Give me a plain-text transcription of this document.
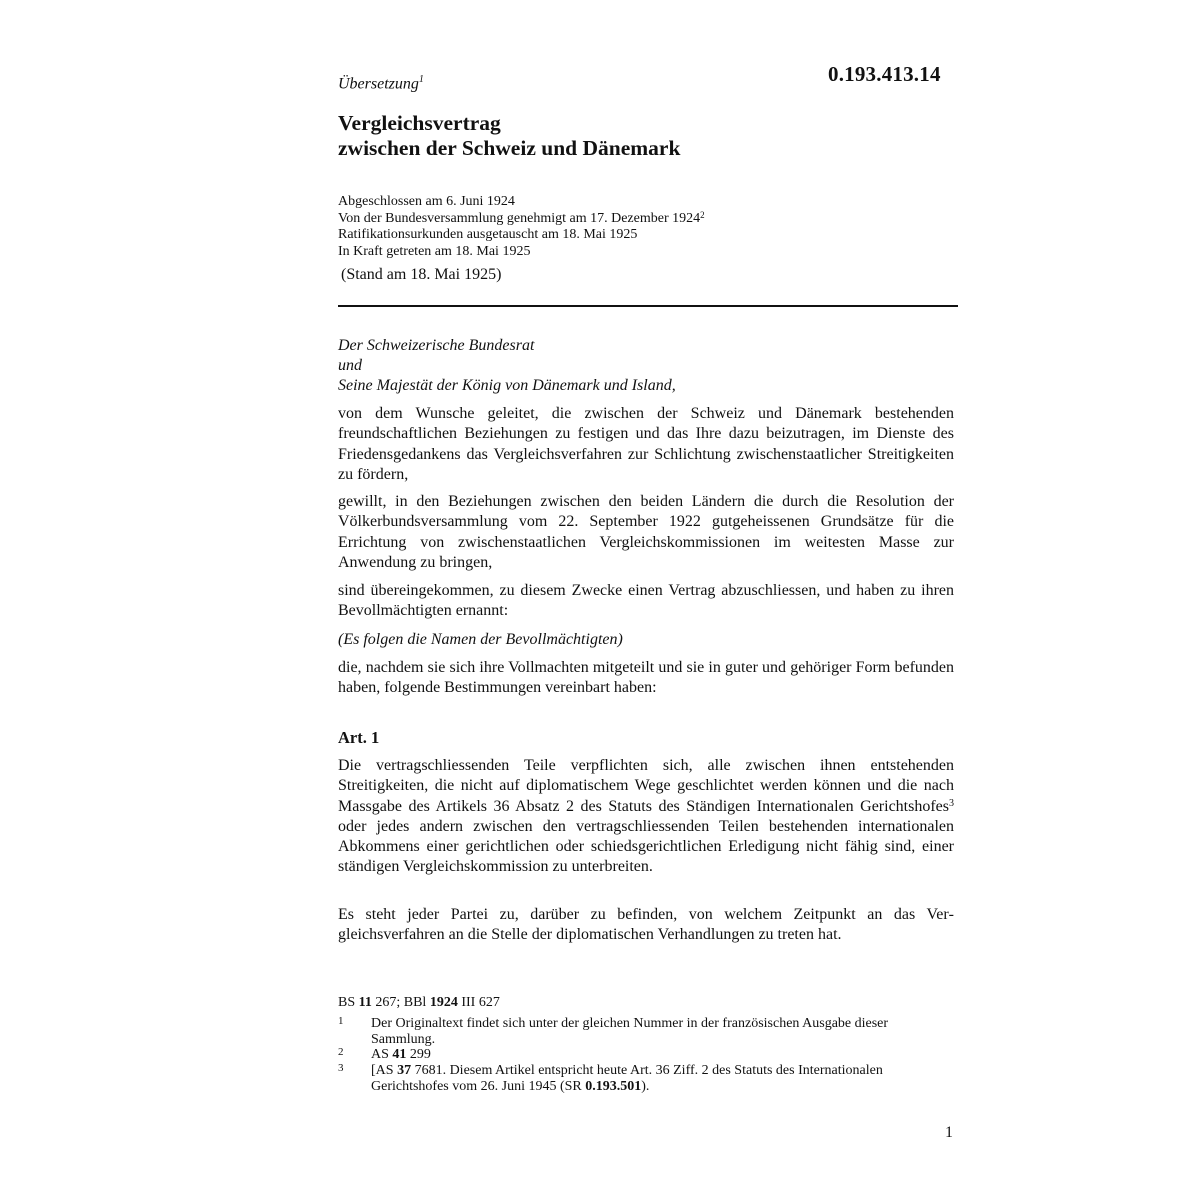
0.193.413.14
Übersetzung$^1$
Vergleichsvertrag
zwischen der Schweiz und Dänemark
Abgeschlossen am 6. Juni 1924
Von der Bundesversammlung genehmigt am 17. Dezember 1924$^2$
Ratifikationsurkunden ausgetauscht am 18. Mai 1925
In Kraft getreten am 18. Mai 1925
(Stand am 18. Mai 1925)
Der Schweizerische Bundesrat
und
Seine Majestät der König von Dänemark und Island,
von dem Wunsche geleitet, die zwischen der Schweiz und Dänemark bestehenden freundschaftlichen Beziehungen zu festigen und das Ihre dazu beizutragen, im Dienste des Friedensgedankens das Vergleichsverfahren zur Schlichtung zwischenstaatlicher Streitigkeiten zu fördern,
gewillt, in den Beziehungen zwischen den beiden Ländern die durch die Resolution der Völkerbundsversammlung vom 22. September 1922 gutgeheissenen Grundsätze für die Errichtung von zwischenstaatlichen Vergleichskommissionen im weitesten Masse zur Anwendung zu bringen,
sind übereingekommen, zu diesem Zwecke einen Vertrag abzuschliessen, und haben zu ihren Bevollmächtigten ernannt:
(Es folgen die Namen der Bevollmächtigten)
die, nachdem sie sich ihre Vollmachten mitgeteilt und sie in guter und gehöriger Form befunden haben, folgende Bestimmungen vereinbart haben:
Art. 1
Die vertragschliessenden Teile verpflichten sich, alle zwischen ihnen entstehenden Streitigkeiten, die nicht auf diplomatischem Wege geschlichtet werden können und die nach Massgabe des Artikels 36 Absatz 2 des Statuts des Ständigen Internationalen Gerichtshofes$^3$ oder jedes andern zwischen den vertragschliessenden Teilen bestehenden internationalen Abkommens einer gerichtlichen oder schiedsgerichtlichen Erledigung nicht fähig sind, einer ständigen Vergleichskommission zu unterbreiten.
Es steht jeder Partei zu, darüber zu befinden, von welchem Zeitpunkt an das Vergleichsverfahren an die Stelle der diplomatischen Verhandlungen zu treten hat.
BS 11 267; BBl 1924 III 627
1 Der Originaltext findet sich unter der gleichen Nummer in der französischen Ausgabe dieser Sammlung.
2 AS 41 299
3 [AS 37 7681. Diesem Artikel entspricht heute Art. 36 Ziff. 2 des Statuts des Internationalen Gerichtshofes vom 26. Juni 1945 (SR 0.193.501).
1
